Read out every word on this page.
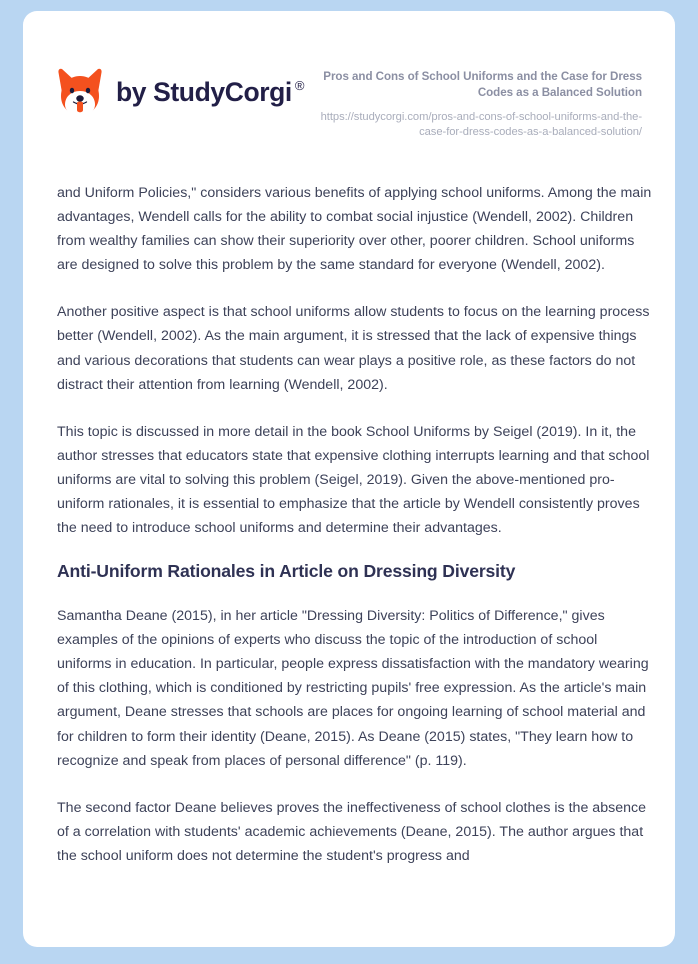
by StudyCorgi ®
Pros and Cons of School Uniforms and the Case for Dress Codes as a Balanced Solution
https://studycorgi.com/pros-and-cons-of-school-uniforms-and-the-case-for-dress-codes-as-a-balanced-solution/

and Uniform Policies," considers various benefits of applying school uniforms. Among the main advantages, Wendell calls for the ability to combat social injustice (Wendell, 2002). Children from wealthy families can show their superiority over other, poorer children. School uniforms are designed to solve this problem by the same standard for everyone (Wendell, 2002).

Another positive aspect is that school uniforms allow students to focus on the learning process better (Wendell, 2002). As the main argument, it is stressed that the lack of expensive things and various decorations that students can wear plays a positive role, as these factors do not distract their attention from learning (Wendell, 2002).

This topic is discussed in more detail in the book School Uniforms by Seigel (2019). In it, the author stresses that educators state that expensive clothing interrupts learning and that school uniforms are vital to solving this problem (Seigel, 2019). Given the above-mentioned pro-uniform rationales, it is essential to emphasize that the article by Wendell consistently proves the need to introduce school uniforms and determine their advantages.

Anti-Uniform Rationales in Article on Dressing Diversity

Samantha Deane (2015), in her article "Dressing Diversity: Politics of Difference," gives examples of the opinions of experts who discuss the topic of the introduction of school uniforms in education. In particular, people express dissatisfaction with the mandatory wearing of this clothing, which is conditioned by restricting pupils' free expression. As the article's main argument, Deane stresses that schools are places for ongoing learning of school material and for children to form their identity (Deane, 2015). As Deane (2015) states, "They learn how to recognize and speak from places of personal difference" (p. 119).

The second factor Deane believes proves the ineffectiveness of school clothes is the absence of a correlation with students' academic achievements (Deane, 2015). The author argues that the school uniform does not determine the student's progress and
